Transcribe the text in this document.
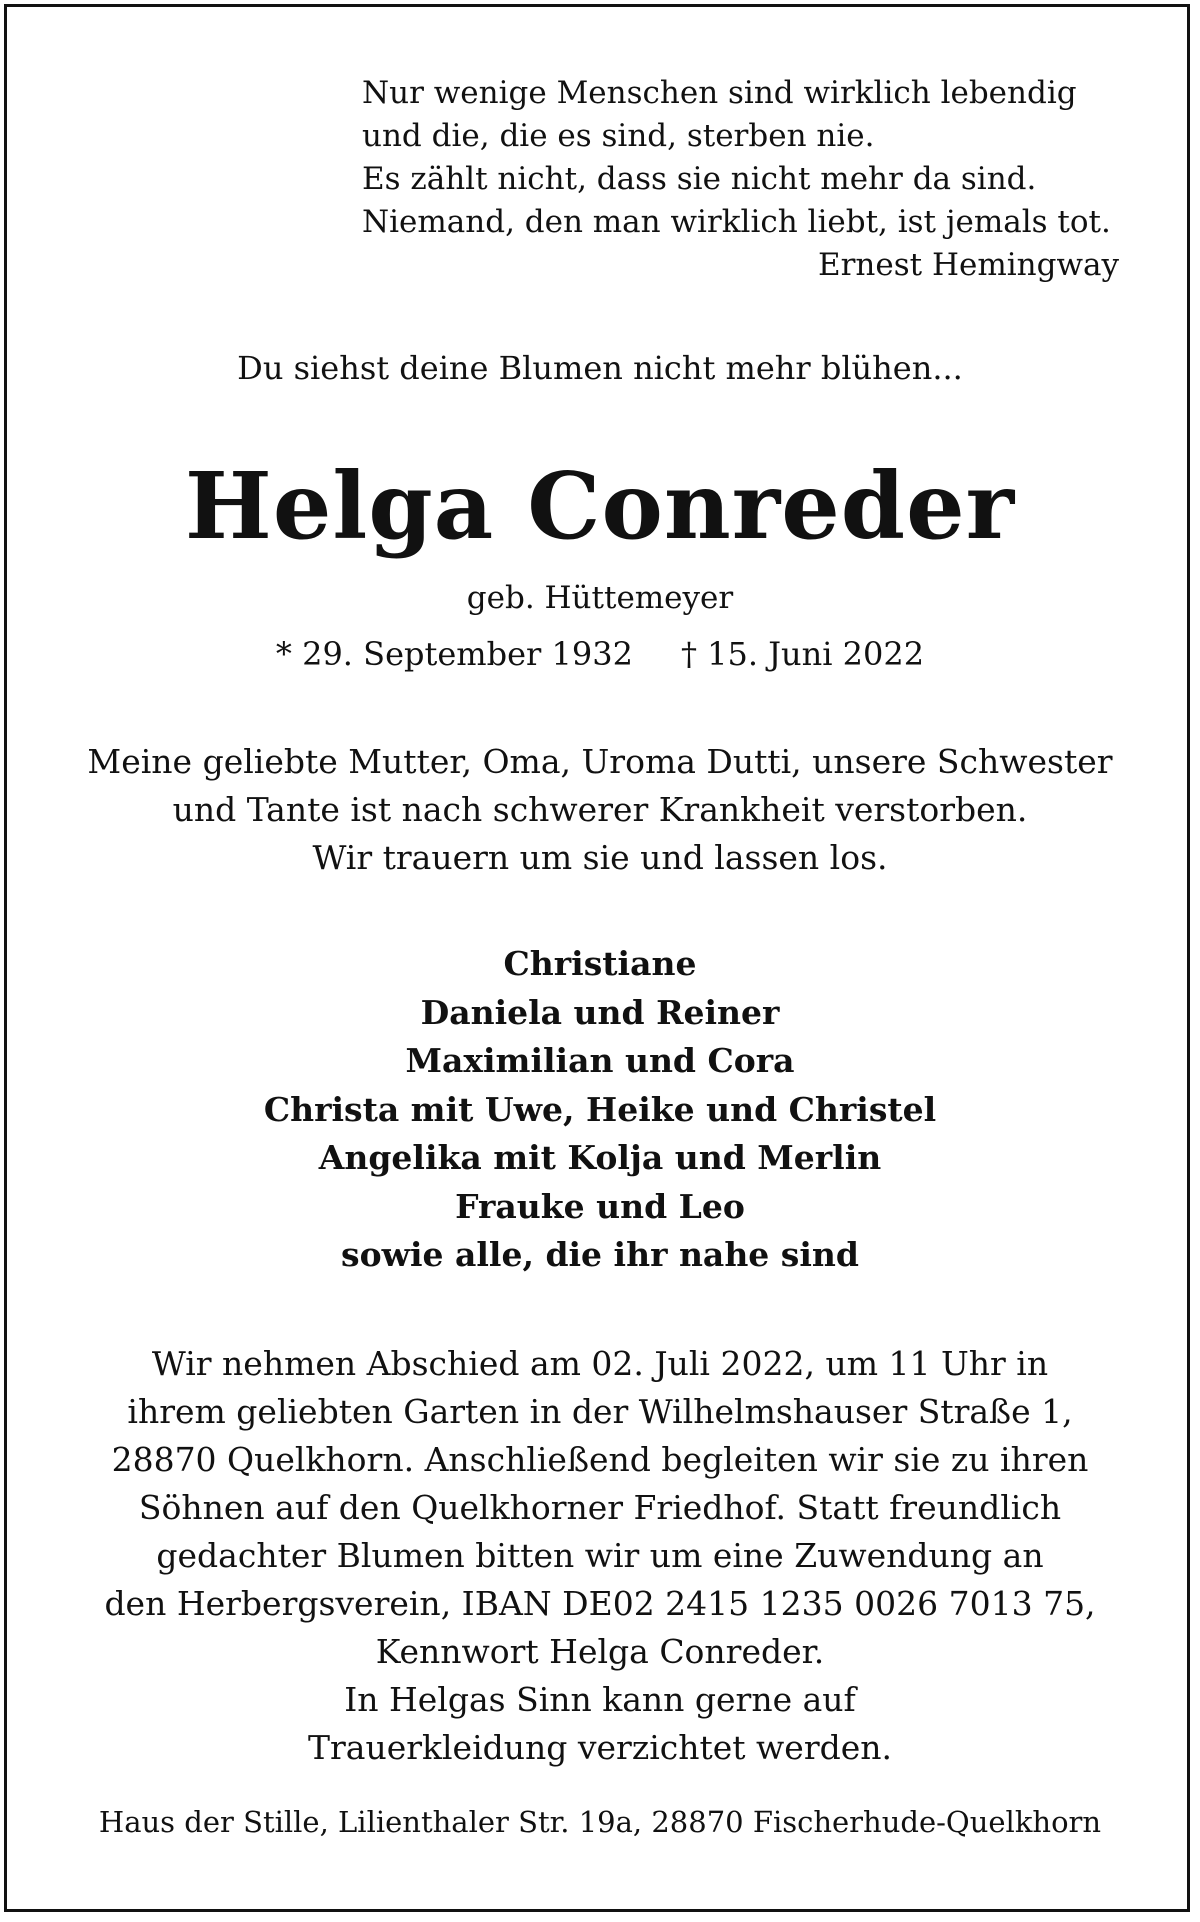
Nur wenige Menschen sind wirklich lebendig
und die, die es sind, sterben nie.
Es zählt nicht, dass sie nicht mehr da sind.
Niemand, den man wirklich liebt, ist jemals tot.
Ernest Hemingway
Du siehst deine Blumen nicht mehr blühen...
Helga Conreder
geb. Hüttemeyer
* 29. September 1932 † 15. Juni 2022
Meine geliebte Mutter, Oma, Uroma Dutti, unsere Schwester
und Tante ist nach schwerer Krankheit verstorben.
Wir trauern um sie und lassen los.
Christiane
Daniela und Reiner
Maximilian und Cora
Christa mit Uwe, Heike und Christel
Angelika mit Kolja und Merlin
Frauke und Leo
sowie alle, die ihr nahe sind
Wir nehmen Abschied am 02. Juli 2022, um 11 Uhr in
ihrem geliebten Garten in der Wilhelmshauser Straße 1,
28870 Quelkhorn. Anschließend begleiten wir sie zu ihren
Söhnen auf den Quelkhorner Friedhof. Statt freundlich
gedachter Blumen bitten wir um eine Zuwendung an
den Herbergsverein, IBAN DE02 2415 1235 0026 7013 75,
Kennwort Helga Conreder.
In Helgas Sinn kann gerne auf
Trauerkleidung verzichtet werden.
Haus der Stille, Lilienthaler Str. 19a, 28870 Fischerhude-Quelkhorn
